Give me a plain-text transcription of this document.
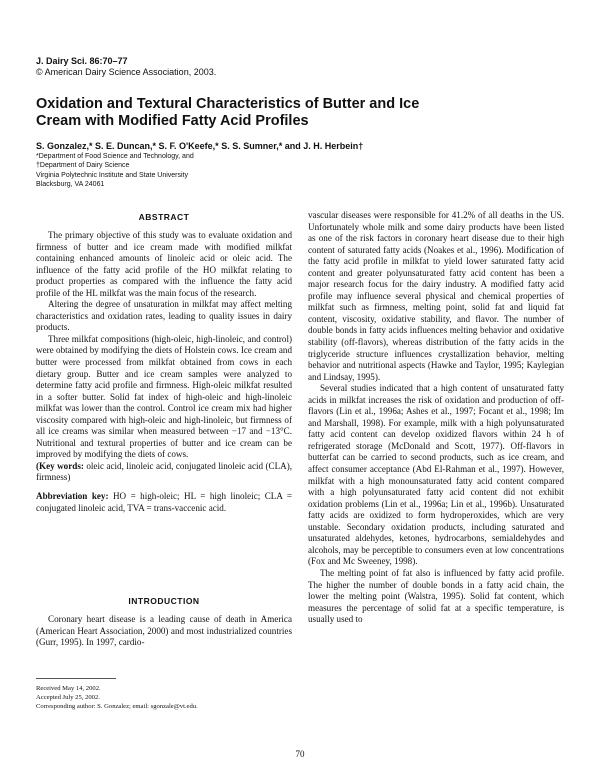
J. Dairy Sci. 86:70–77
© American Dairy Science Association, 2003.
Oxidation and Textural Characteristics of Butter and Ice Cream with Modified Fatty Acid Profiles
S. Gonzalez,* S. E. Duncan,* S. F. O'Keefe,* S. S. Sumner,* and J. H. Herbein†
*Department of Food Science and Technology, and
†Department of Dairy Science
Virginia Polytechnic Institute and State University
Blacksburg, VA 24061
ABSTRACT

The primary objective of this study was to evaluate oxidation and firmness of butter and ice cream made with modified milkfat containing enhanced amounts of linoleic acid or oleic acid. The influence of the fatty acid profile of the HO milkfat relating to product properties as compared with the influence the fatty acid profile of the HL milkfat was the main focus of the research.

Altering the degree of unsaturation in milkfat may affect melting characteristics and oxidation rates, leading to quality issues in dairy products.

Three milkfat compositions (high-oleic, high-linoleic, and control) were obtained by modifying the diets of Holstein cows. Ice cream and butter were processed from milkfat obtained from cows in each dietary group. Butter and ice cream samples were analyzed to determine fatty acid profile and firmness. High-oleic milkfat resulted in a softer butter. Solid fat index of high-oleic and high-linoleic milkfat was lower than the control. Control ice cream mix had higher viscosity compared with high-oleic and high-linoleic, but firmness of all ice creams was similar when measured between −17 and −13°C. Nutritional and textural properties of butter and ice cream can be improved by modifying the diets of cows.

(Key words: oleic acid, linoleic acid, conjugated linoleic acid (CLA), firmness)

Abbreviation key: HO = high-oleic; HL = high linoleic; CLA = conjugated linoleic acid, TVA = trans-vaccenic acid.

INTRODUCTION

Coronary heart disease is a leading cause of death in America (American Heart Association, 2000) and most industrialized countries (Gurr, 1995). In 1997, cardio-

vascular diseases were responsible for 41.2% of all deaths in the US. Unfortunately whole milk and some dairy products have been listed as one of the risk factors in coronary heart disease due to their high content of saturated fatty acids (Noakes et al., 1996). Modification of the fatty acid profile in milkfat to yield lower saturated fatty acid content and greater polyunsaturated fatty acid content has been a major research focus for the dairy industry. A modified fatty acid profile may influence several physical and chemical properties of milkfat such as firmness, melting point, solid fat and liquid fat content, viscosity, oxidative stability, and flavor. The number of double bonds in fatty acids influences melting behavior and oxidative stability (off-flavors), whereas distribution of the fatty acids in the triglyceride structure influences crystallization behavior, melting behavior and nutritional aspects (Hawke and Taylor, 1995; Kaylegian and Lindsay, 1995).

Several studies indicated that a high content of unsaturated fatty acids in milkfat increases the risk of oxidation and production of off-flavors (Lin et al., 1996a; Ashes et al., 1997; Focant et al., 1998; Im and Marshall, 1998). For example, milk with a high polyunsaturated fatty acid content can develop oxidized flavors within 24 h of refrigerated storage (McDonald and Scott, 1977). Off-flavors in butterfat can be carried to second products, such as ice cream, and affect consumer acceptance (Abd El-Rahman et al., 1997). However, milkfat with a high monounsaturated fatty acid content compared with a high polyunsaturated fatty acid content did not exhibit oxidation problems (Lin et al., 1996a; Lin et al., 1996b). Unsaturated fatty acids are oxidized to form hydroperoxides, which are very unstable. Secondary oxidation products, including saturated and unsaturated aldehydes, ketones, hydrocarbons, semialdehydes and alcohols, may be perceptible to consumers even at low concentrations (Fox and Mc Sweeney, 1998).

The melting point of fat also is influenced by fatty acid profile. The higher the number of double bonds in a fatty acid chain, the lower the melting point (Walstra, 1995). Solid fat content, which measures the percentage of solid fat at a specific temperature, is usually used to

Received May 14, 2002.
Accepted July 25, 2002.
Corresponding author: S. Gonzalez; email: sgonzale@vt.edu.
70
